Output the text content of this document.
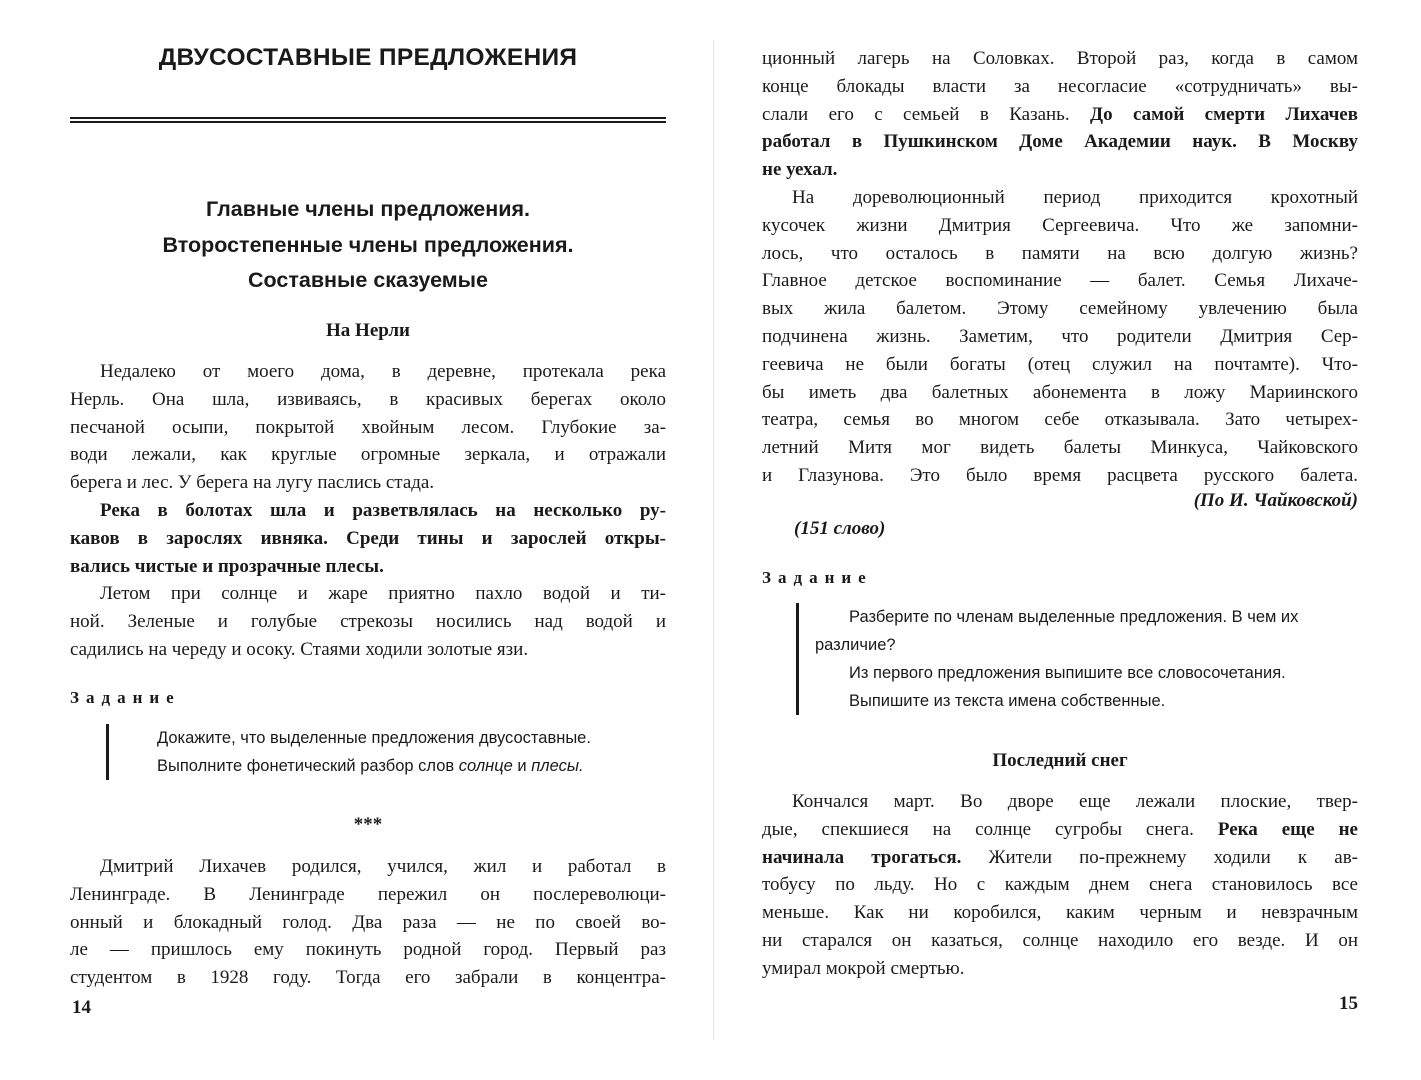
ДВУСОСТАВНЫЕ ПРЕДЛОЖЕНИЯ
Главные члены предложения.
Второстепенные члены предложения.
Составные сказуемые
На Нерли
Недалеко от моего дома, в деревне, протекала река
Нерль. Она шла, извиваясь, в красивых берегах около
песчаной осыпи, покрытой хвойным лесом. Глубокие за-
води лежали, как круглые огромные зеркала, и отражали
берега и лес. У берега на лугу паслись стада.
Река в болотах шла и разветвлялась на несколько ру-
кавов в зарослях ивняка. Среди тины и зарослей откры-
вались чистые и прозрачные плесы.
Летом при солнце и жаре приятно пахло водой и ти-
ной. Зеленые и голубые стрекозы носились над водой и
садились на череду и осоку. Стаями ходили золотые язи.
Задание
Докажите, что выделенные предложения двусоставные.
Выполните фонетический разбор слов солнце и плесы.
***
Дмитрий Лихачев родился, учился, жил и работал в
Ленинграде. В Ленинграде пережил он послереволюци-
онный и блокадный голод. Два раза — не по своей во-
ле — пришлось ему покинуть родной город. Первый раз
студентом в 1928 году. Тогда его забрали в концентра-
14
ционный лагерь на Соловках. Второй раз, когда в самом
конце блокады власти за несогласие «сотрудничать» вы-
слали его с семьей в Казань. До самой смерти Лихачев
работал в Пушкинском Доме Академии наук. В Москву
не уехал.
На дореволюционный период приходится крохотный
кусочек жизни Дмитрия Сергеевича. Что же запомни-
лось, что осталось в памяти на всю долгую жизнь?
Главное детское воспоминание — балет. Семья Лихаче-
вых жила балетом. Этому семейному увлечению была
подчинена жизнь. Заметим, что родители Дмитрия Сер-
геевича не были богаты (отец служил на почтамте). Что-
бы иметь два балетных абонемента в ложу Мариинского
театра, семья во многом себе отказывала. Зато четырех-
летний Митя мог видеть балеты Минкуса, Чайковского
и Глазунова. Это было время расцвета русского балета.
(По И. Чайковской)
(151 слово)
Задание
Разберите по членам выделенные предложения. В чем их
различие?
Из первого предложения выпишите все словосочетания.
Выпишите из текста имена собственные.
Последний снег
Кончался март. Во дворе еще лежали плоские, твер-
дые, спекшиеся на солнце сугробы снега. Река еще не
начинала трогаться. Жители по-прежнему ходили к ав-
тобусу по льду. Но с каждым днем снега становилось все
меньше. Как ни коробился, каким черным и невзрачным
ни старался он казаться, солнце находило его везде. И он
умирал мокрой смертью.
15
